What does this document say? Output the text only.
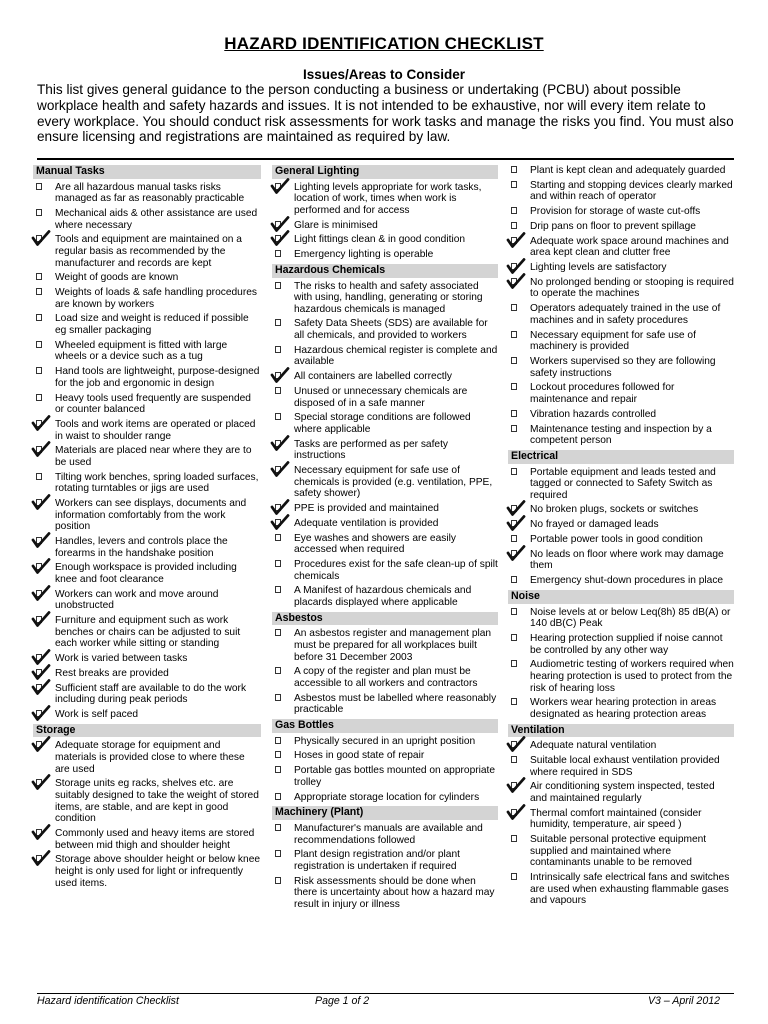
HAZARD IDENTIFICATION CHECKLIST
Issues/Areas to Consider
This list gives general guidance to the person conducting a business or undertaking (PCBU) about possible workplace health and safety hazards and issues. It is not intended to be exhaustive, nor will every item relate to every workplace. You should conduct risk assessments for work tasks and manage the risks you find. You must also ensure licensing and registrations are maintained as required by law.
Manual Tasks
Are all hazardous manual tasks risks managed as far as reasonably practicable
Mechanical aids & other assistance are used where necessary
Tools and equipment are maintained on a regular basis as recommended by the manufacturer and records are kept
Weight of goods are known
Weights of loads & safe handling procedures are known by workers
Load size and weight is reduced if possible eg smaller packaging
Wheeled equipment is fitted with large wheels or a device such as a tug
Hand tools are lightweight, purpose-designed for the job and ergonomic in design
Heavy tools used frequently are suspended or counter balanced
Tools and work items are operated or placed in waist to shoulder range
Materials are placed near where they are to be used
Tilting work benches, spring loaded surfaces, rotating turntables or jigs are used
Workers can see displays, documents and information comfortably from the work position
Handles, levers and controls place the forearms in the handshake position
Enough workspace is provided including knee and foot clearance
Workers can work and move around unobstructed
Furniture and equipment such as work benches or chairs can be adjusted to suit each worker while sitting or standing
Work is varied between tasks
Rest breaks are provided
Sufficient staff are available to do the work including during peak periods
Work is self paced
Storage
Adequate storage for equipment and materials is provided close to where these are used
Storage units eg racks, shelves etc. are suitably designed to take the weight of stored items, are stable, and are kept in good condition
Commonly used and heavy items are stored between mid thigh and shoulder height
Storage above shoulder height or below knee height is only used for light or infrequently used items.
General Lighting
Lighting levels appropriate for work tasks, location of work, times when work is performed and for access
Glare is minimised
Light fittings clean & in good condition
Emergency lighting is operable
Hazardous Chemicals
The risks to health and safety associated with using, handling, generating or storing hazardous chemicals is managed
Safety Data Sheets (SDS) are available for all chemicals, and provided to workers
Hazardous chemical register is complete and available
All containers are labelled correctly
Unused or unnecessary chemicals are disposed of in a safe manner
Special storage conditions are followed where applicable
Tasks are performed as per safety instructions
Necessary equipment for safe use of chemicals is provided (e.g. ventilation, PPE, safety shower)
PPE is provided and maintained
Adequate ventilation is provided
Eye washes and showers are easily accessed when required
Procedures exist for the safe clean-up of spilt chemicals
A Manifest of hazardous chemicals and placards displayed where applicable
Asbestos
An asbestos register and management plan must be prepared for all workplaces built before 31 December 2003
A copy of the register and plan must be accessible to all workers and contractors
Asbestos must be labelled where reasonably practicable
Gas Bottles
Physically secured in an upright position
Hoses in good state of repair
Portable gas bottles mounted on appropriate trolley
Appropriate storage location for cylinders
Machinery (Plant)
Manufacturer's manuals are available and recommendations followed
Plant design registration and/or plant registration is undertaken if required
Risk assessments should be done when there is uncertainty about how a hazard may result in injury or illness
Plant is kept clean and adequately guarded
Starting and stopping devices clearly marked and within reach of operator
Provision for storage of waste cut-offs
Drip pans on floor to prevent spillage
Adequate work space around machines and area kept clean and clutter free
Lighting levels are satisfactory
No prolonged bending or stooping is required to operate the machines
Operators adequately trained in the use of machines and in safety procedures
Necessary equipment for safe use of machinery is provided
Workers supervised so they are following safety instructions
Lockout procedures followed for maintenance and repair
Vibration hazards controlled
Maintenance testing and inspection by a competent person
Electrical
Portable equipment and leads tested and tagged or connected to Safety Switch as required
No broken plugs, sockets or switches
No frayed or damaged leads
Portable power tools in good condition
No leads on floor where work may damage them
Emergency shut-down procedures in place
Noise
Noise levels at or below Leq(8h) 85 dB(A) or 140 dB(C) Peak
Hearing protection supplied if noise cannot be controlled by any other way
Audiometric testing of workers required when hearing protection is used to protect from the risk of hearing loss
Workers wear hearing protection in areas designated as hearing protection areas
Ventilation
Adequate natural ventilation
Suitable local exhaust ventilation provided where required in SDS
Air conditioning system inspected, tested and maintained regularly
Thermal comfort maintained (consider humidity, temperature, air speed )
Suitable personal protective equipment supplied and maintained where contaminants unable to be removed
Intrinsically safe electrical fans and switches are used when exhausting flammable gases and vapours
Hazard identification Checklist	Page 1 of 2	V3 – April 2012
